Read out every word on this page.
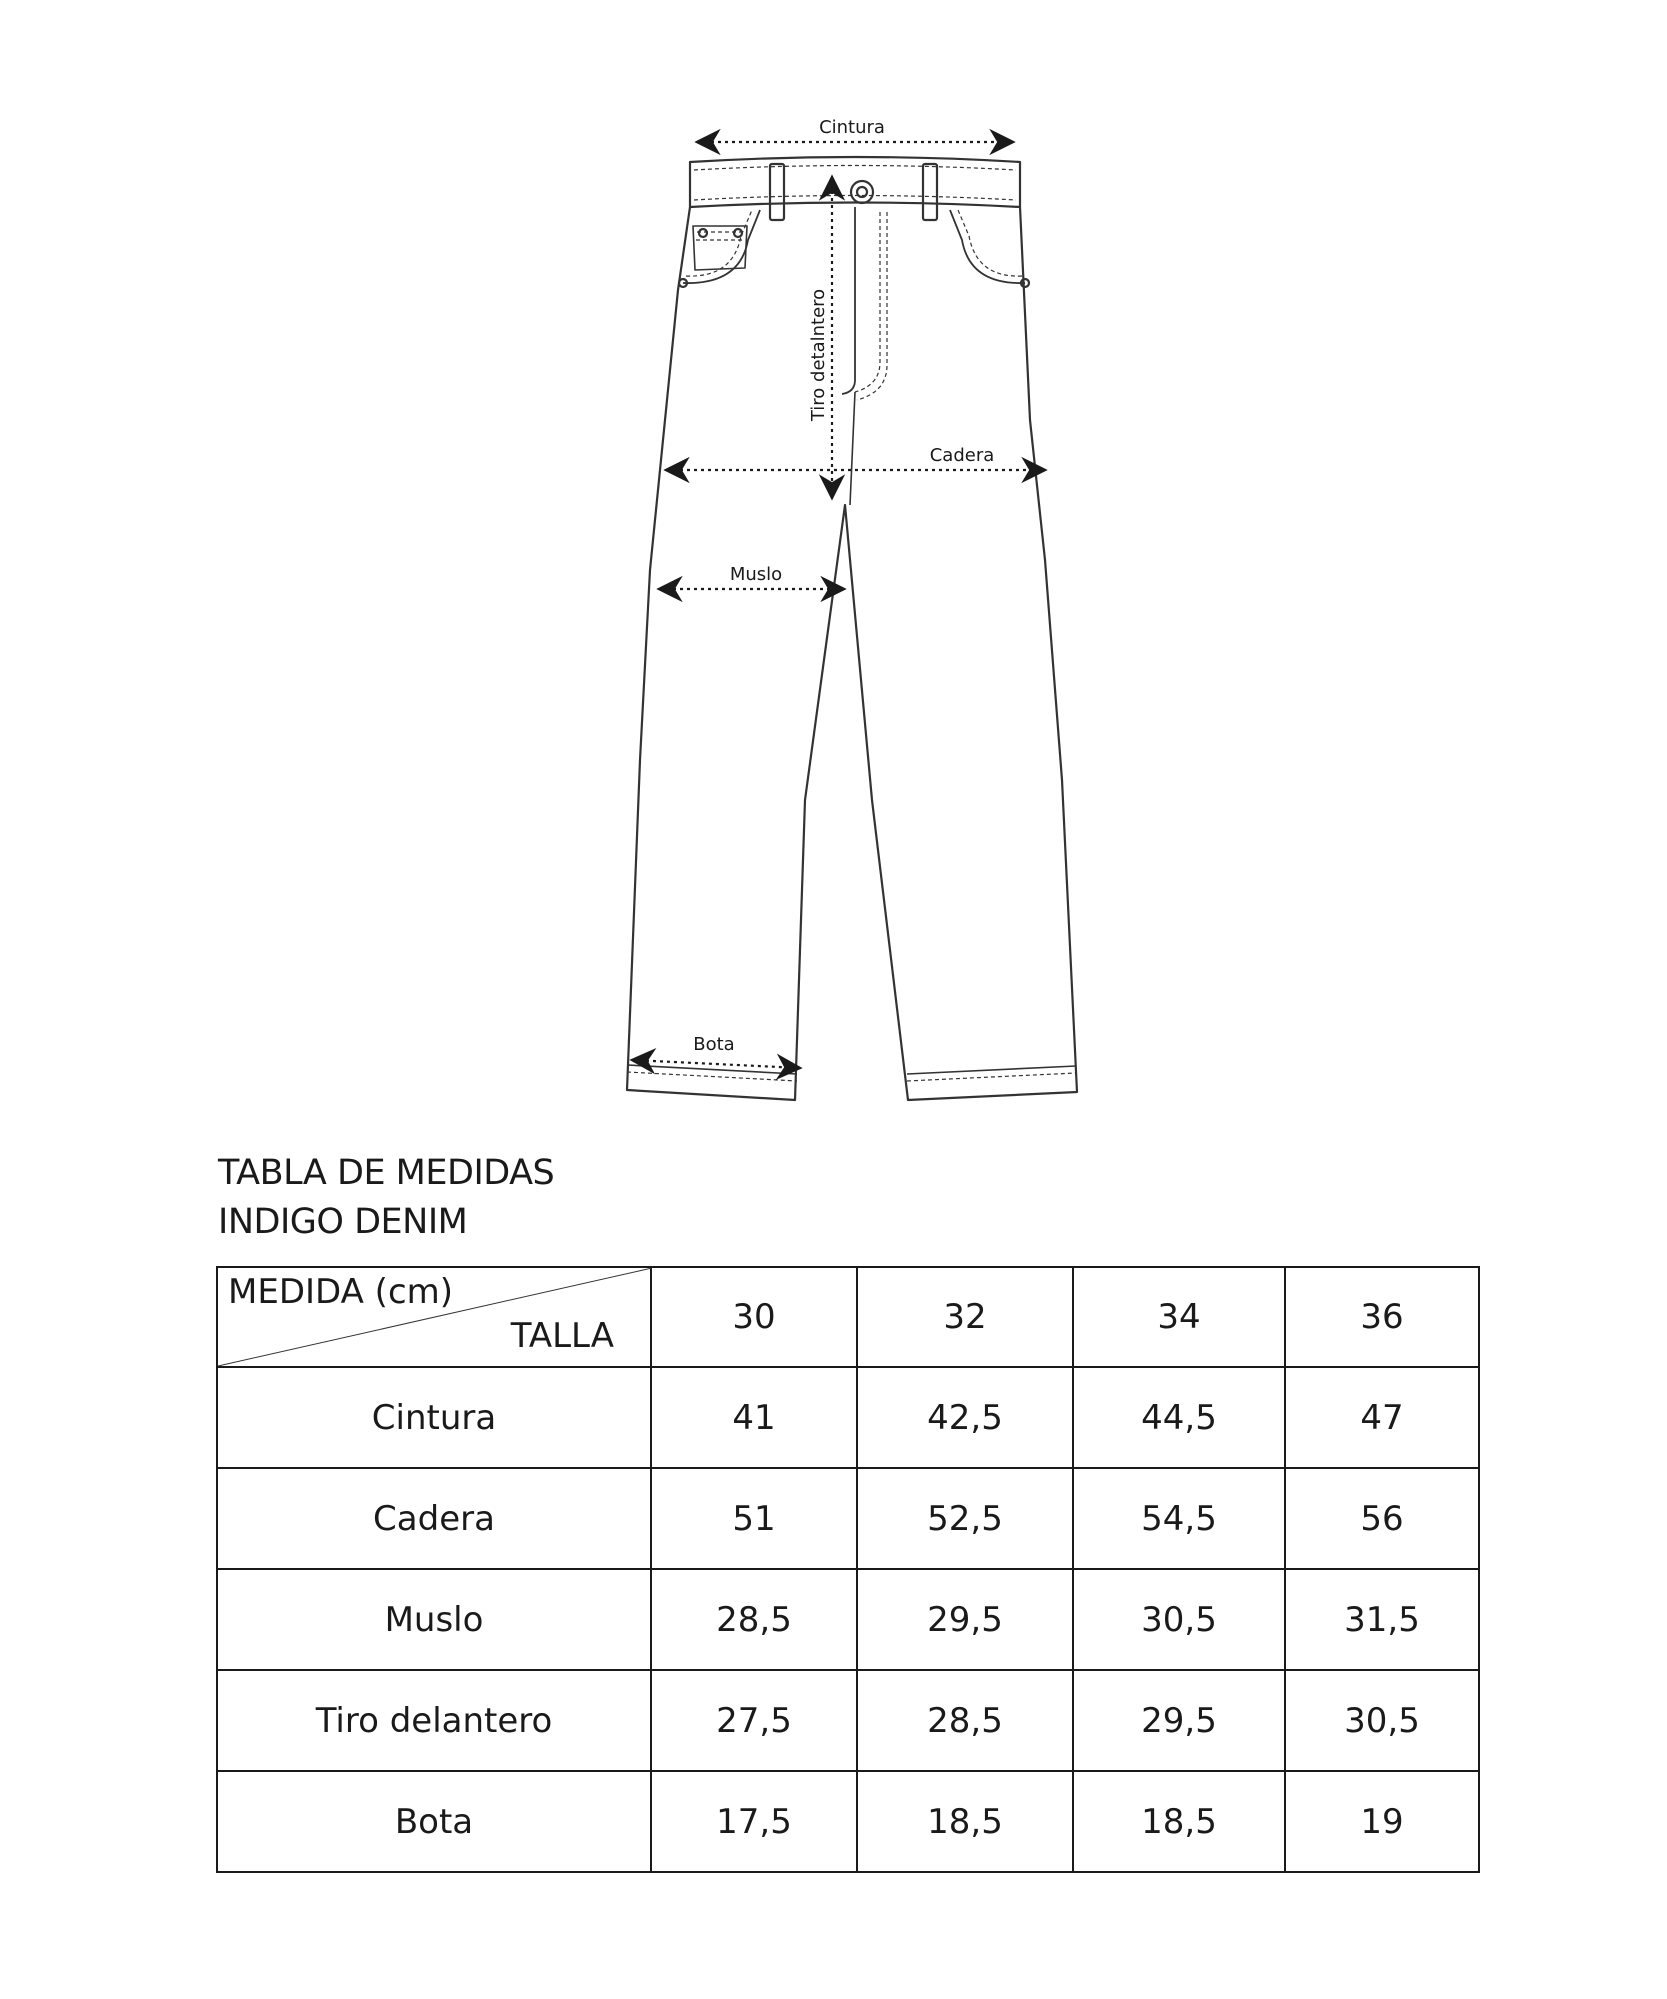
Cintura
Tiro detalntero
Cadera
Muslo
Bota
TABLA DE MEDIDAS
INDIGO DENIM
MEDIDA (cm)
TALLA	30	32	34	36
Cintura	41	42,5	44,5	47
Cadera	51	52,5	54,5	56
Muslo	28,5	29,5	30,5	31,5
Tiro delantero	27,5	28,5	29,5	30,5
Bota	17,5	18,5	18,5	19
